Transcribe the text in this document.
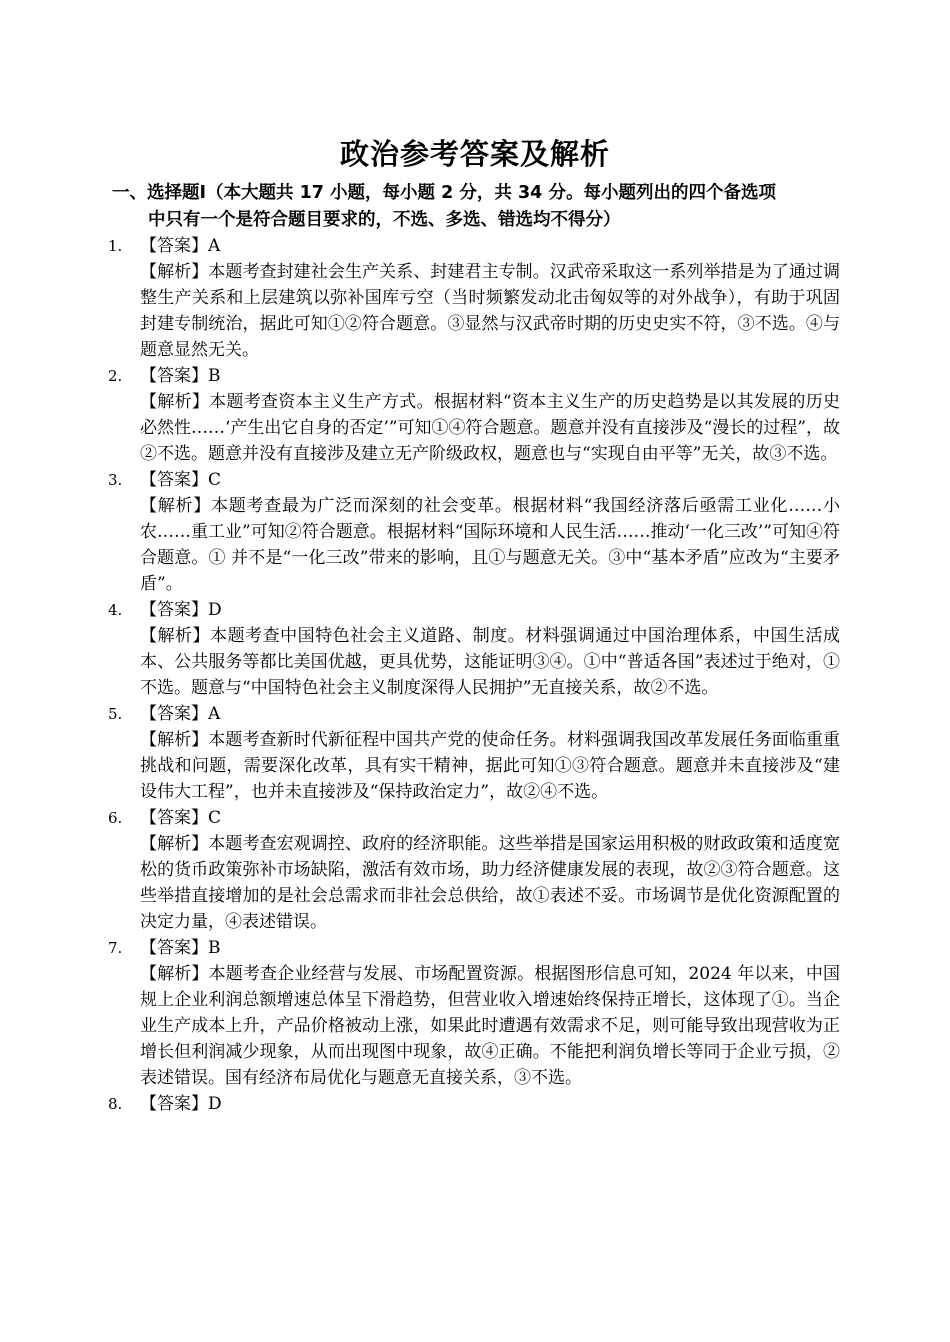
政治参考答案及解析
一、选择题Ⅰ（本大题共 17 小题，每小题 2 分，共 34 分。每小题列出的四个备选项
中只有一个是符合题目要求的，不选、多选、错选均不得分）
1. 【答案】A
【解析】本题考查封建社会生产关系、封建君主专制。汉武帝采取这一系列举措是为了通过调整生产关系和上层建筑以弥补国库亏空（当时频繁发动北击匈奴等的对外战争），有助于巩固封建专制统治，据此可知①②符合题意。③显然与汉武帝时期的历史史实不符，③不选。④与题意显然无关。
2. 【答案】B
【解析】本题考查资本主义生产方式。根据材料“资本主义生产的历史趋势是以其发展的历史必然性……‘产生出它自身的否定’”可知①④符合题意。题意并没有直接涉及“漫长的过程”，故②不选。题意并没有直接涉及建立无产阶级政权，题意也与“实现自由平等”无关，故③不选。
3. 【答案】C
【解析】本题考查最为广泛而深刻的社会变革。根据材料“我国经济落后亟需工业化……小农……重工业”可知②符合题意。根据材料“国际环境和人民生活……推动‘一化三改’”可知④符合题意。① 并不是“一化三改”带来的影响，且①与题意无关。③中“基本矛盾”应改为“主要矛盾”。
4. 【答案】D
【解析】本题考查中国特色社会主义道路、制度。材料强调通过中国治理体系，中国生活成本、公共服务等都比美国优越，更具优势，这能证明③④。①中“普适各国”表述过于绝对，①不选。题意与“中国特色社会主义制度深得人民拥护”无直接关系，故②不选。
5. 【答案】A
【解析】本题考查新时代新征程中国共产党的使命任务。材料强调我国改革发展任务面临重重挑战和问题，需要深化改革，具有实干精神，据此可知①③符合题意。题意并未直接涉及“建设伟大工程”，也并未直接涉及“保持政治定力”，故②④不选。
6. 【答案】C
【解析】本题考查宏观调控、政府的经济职能。这些举措是国家运用积极的财政政策和适度宽松的货币政策弥补市场缺陷，激活有效市场，助力经济健康发展的表现，故②③符合题意。这些举措直接增加的是社会总需求而非社会总供给，故①表述不妥。市场调节是优化资源配置的决定力量，④表述错误。
7. 【答案】B
【解析】本题考查企业经营与发展、市场配置资源。根据图形信息可知，2024 年以来，中国规上企业利润总额增速总体呈下滑趋势，但营业收入增速始终保持正增长，这体现了①。当企业生产成本上升，产品价格被动上涨，如果此时遭遇有效需求不足，则可能导致出现营收为正增长但利润减少现象，从而出现图中现象，故④正确。不能把利润负增长等同于企业亏损，②表述错误。国有经济布局优化与题意无直接关系，③不选。
8. 【答案】D
